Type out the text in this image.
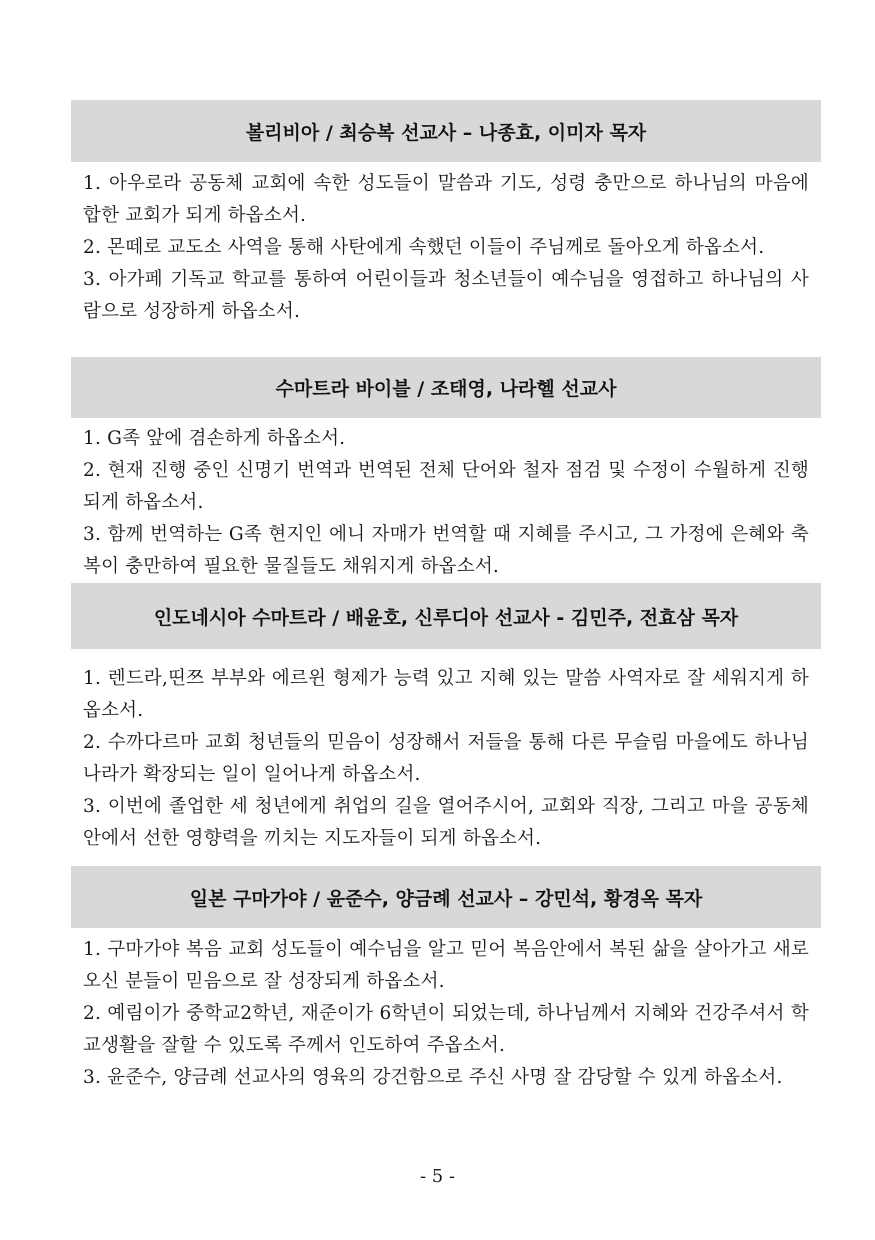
볼리비아 / 최승복 선교사 – 나종효, 이미자 목자

1. 아우로라 공동체 교회에 속한 성도들이 말씀과 기도, 성령 충만으로 하나님의 마음에 합한 교회가 되게 하옵소서.

2. 몬떼로 교도소 사역을 통해 사탄에게 속했던 이들이 주님께로 돌아오게 하옵소서.

3. 아가페 기독교 학교를 통하여 어린이들과 청소년들이 예수님을 영접하고 하나님의 사람으로 성장하게 하옵소서.

수마트라 바이블 / 조태영, 나라헬 선교사

1. G족 앞에 겸손하게 하옵소서.

2. 현재 진행 중인 신명기 번역과 번역된 전체 단어와 철자 점검 및 수정이 수월하게 진행되게 하옵소서.

3. 함께 번역하는 G족 현지인 에니 자매가 번역할 때 지혜를 주시고, 그 가정에 은혜와 축복이 충만하여 필요한 물질들도 채워지게 하옵소서.

인도네시아 수마트라 / 배윤호, 신루디아 선교사 - 김민주, 전효삼 목자

1. 렌드라,띤쯔 부부와 에르윈 형제가 능력 있고 지혜 있는 말씀 사역자로 잘 세워지게 하옵소서.

2. 수까다르마 교회 청년들의 믿음이 성장해서 저들을 통해 다른 무슬림 마을에도 하나님 나라가 확장되는 일이 일어나게 하옵소서.

3. 이번에 졸업한 세 청년에게 취업의 길을 열어주시어, 교회와 직장, 그리고 마을 공동체 안에서 선한 영향력을 끼치는 지도자들이 되게 하옵소서.

일본 구마가야 / 윤준수, 양금례 선교사 – 강민석, 황경옥 목자

1. 구마가야 복음 교회 성도들이 예수님을 알고 믿어 복음안에서 복된 삶을 살아가고 새로 오신 분들이 믿음으로 잘 성장되게 하옵소서.

2. 예림이가 중학교2학년, 재준이가 6학년이 되었는데, 하나님께서 지혜와 건강주셔서 학교생활을 잘할 수 있도록 주께서 인도하여 주옵소서.

3. 윤준수, 양금례 선교사의 영육의 강건함으로 주신 사명 잘 감당할 수 있게 하옵소서.

- 5 -
